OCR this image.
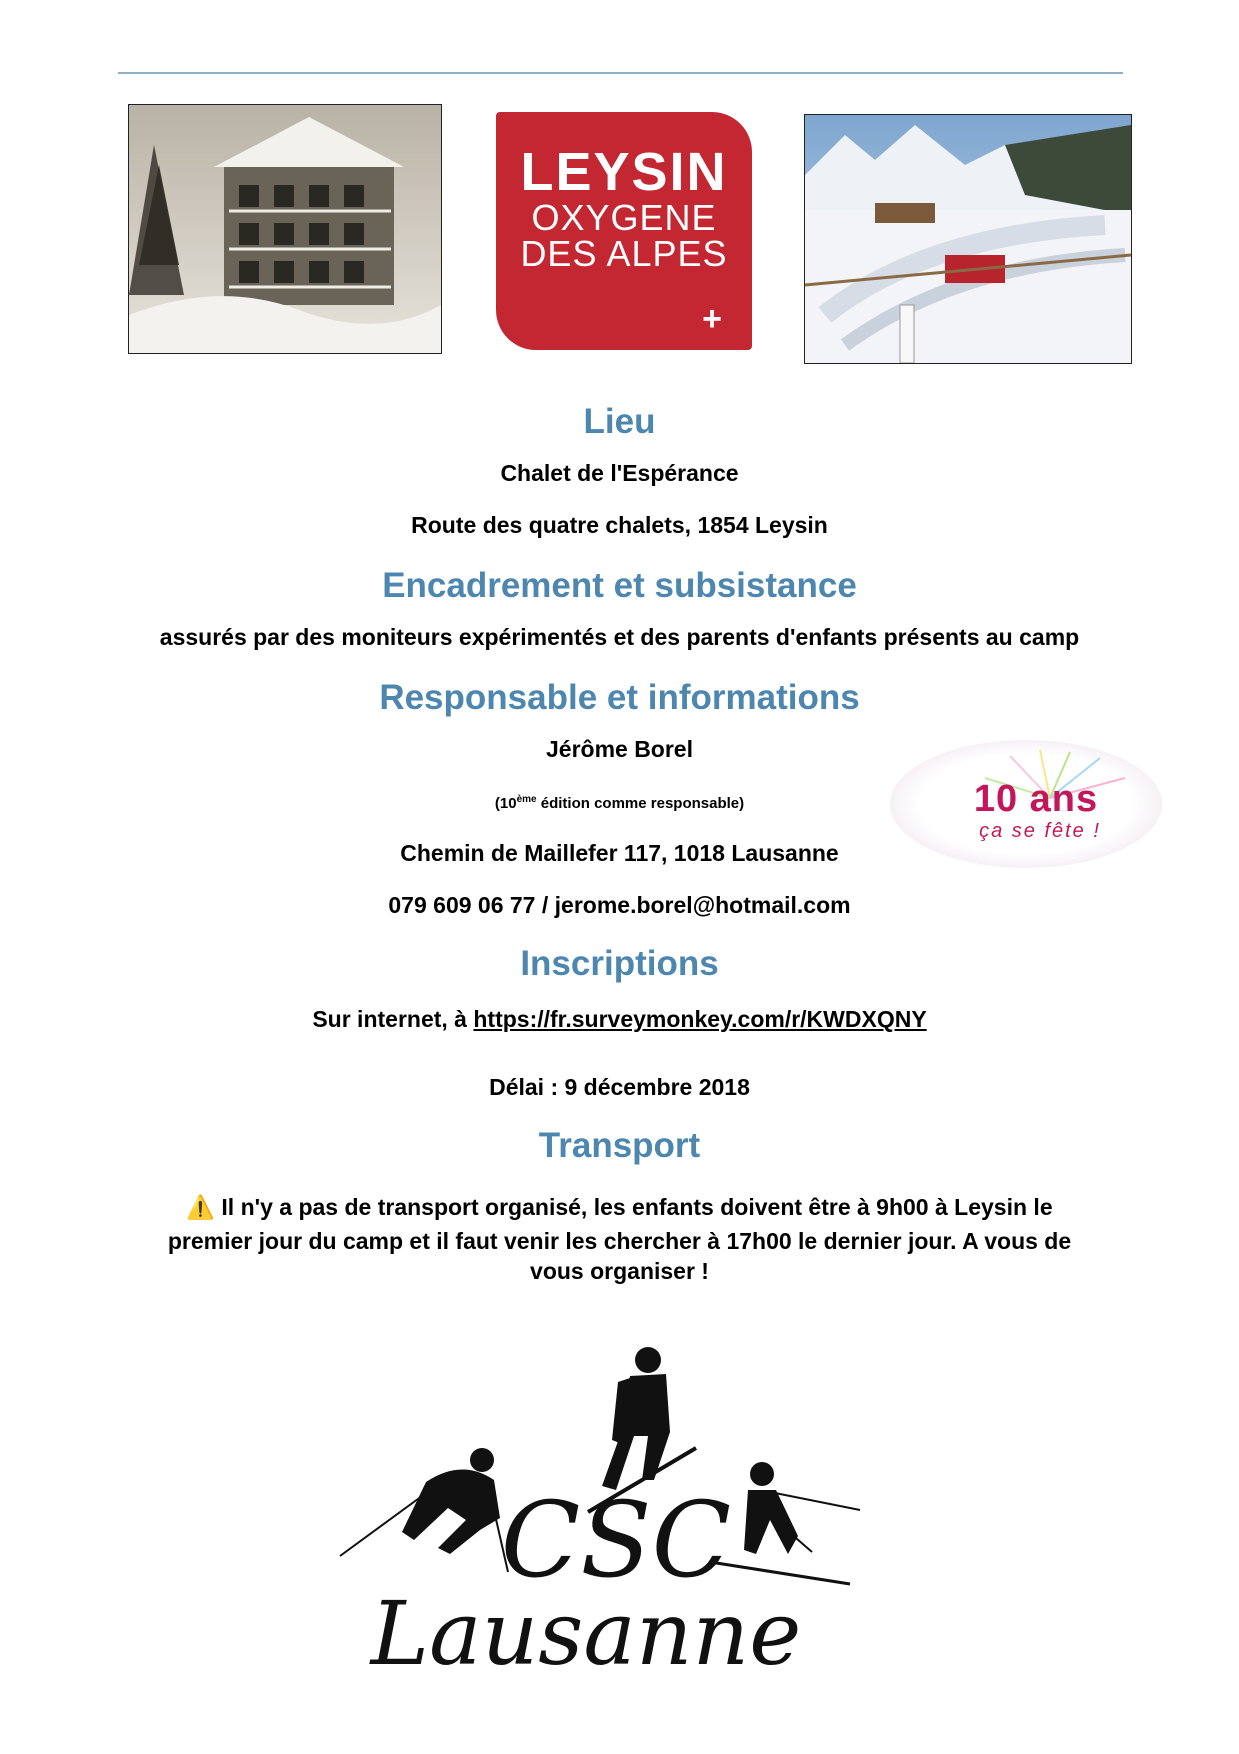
LEYSIN
OXYGENE
DES ALPES
+
Lieu
Chalet de l'Espérance
Route des quatre chalets, 1854 Leysin
Encadrement et subsistance
assurés par des moniteurs expérimentés et des parents d'enfants présents au camp
Responsable et informations
Jérôme Borel
(10ème édition comme responsable)
Chemin de Maillefer 117, 1018 Lausanne
079 609 06 77 / jerome.borel@hotmail.com
10 ans
ça se fête !
Inscriptions
Sur internet, à https://fr.surveymonkey.com/r/KWDXQNY
Délai : 9 décembre 2018
Transport
⚠️ Il n'y a pas de transport organisé, les enfants doivent être à 9h00 à Leysin le
premier jour du camp et il faut venir les chercher à 17h00 le dernier jour. A vous de
vous organiser !
CSC
Lausanne
